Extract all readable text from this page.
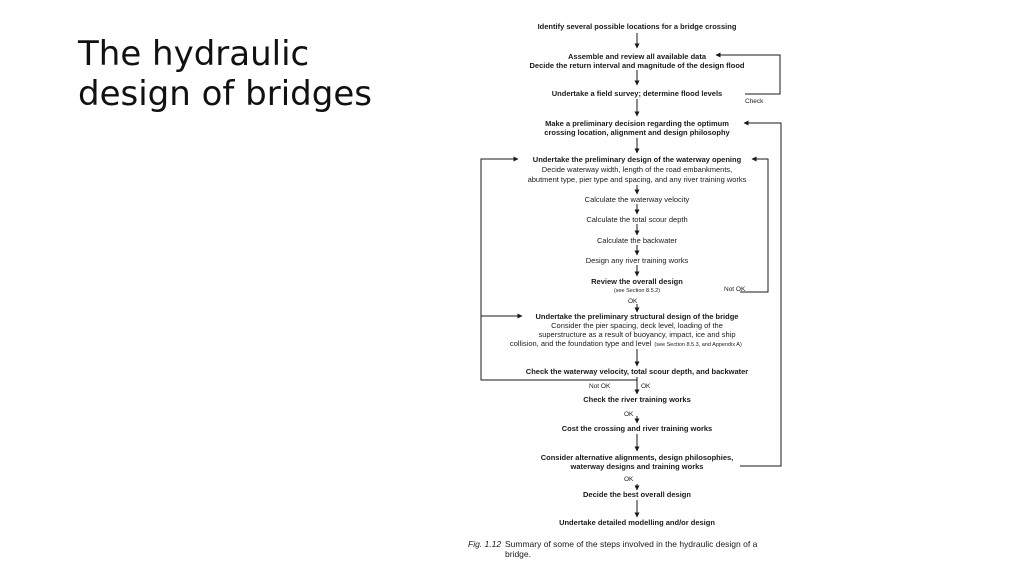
The hydraulic
design of bridges
Identify several possible locations for a bridge crossing
Assemble and review all available data
Decide the return interval and magnitude of the design flood
Undertake a field survey; determine flood levels
Check
Make a preliminary decision regarding the optimum
crossing location, alignment and design philosophy
Undertake the preliminary design of the waterway opening
Decide waterway width, length of the road embankments,
abutment type, pier type and spacing, and any river training works
Calculate the waterway velocity
Calculate the total scour depth
Calculate the backwater
Design any river training works
Review the overall design
(see Section 8.5.2)	Not OK
OK
Undertake the preliminary structural design of the bridge
Consider the pier spacing, deck level, loading of the
superstructure as a result of buoyancy, impact, ice and ship
collision, and the foundation type and level (see Section 8.5.3, and Appendix A)
Check the waterway velocity, total scour depth, and backwater
Not OK	OK
Check the river training works
OK
Cost the crossing and river training works
Consider alternative alignments, design philosophies,
waterway designs and training works
OK
Decide the best overall design
Undertake detailed modelling and/or design
Fig. 1.12 Summary of some of the steps involved in the hydraulic design of a
bridge.
